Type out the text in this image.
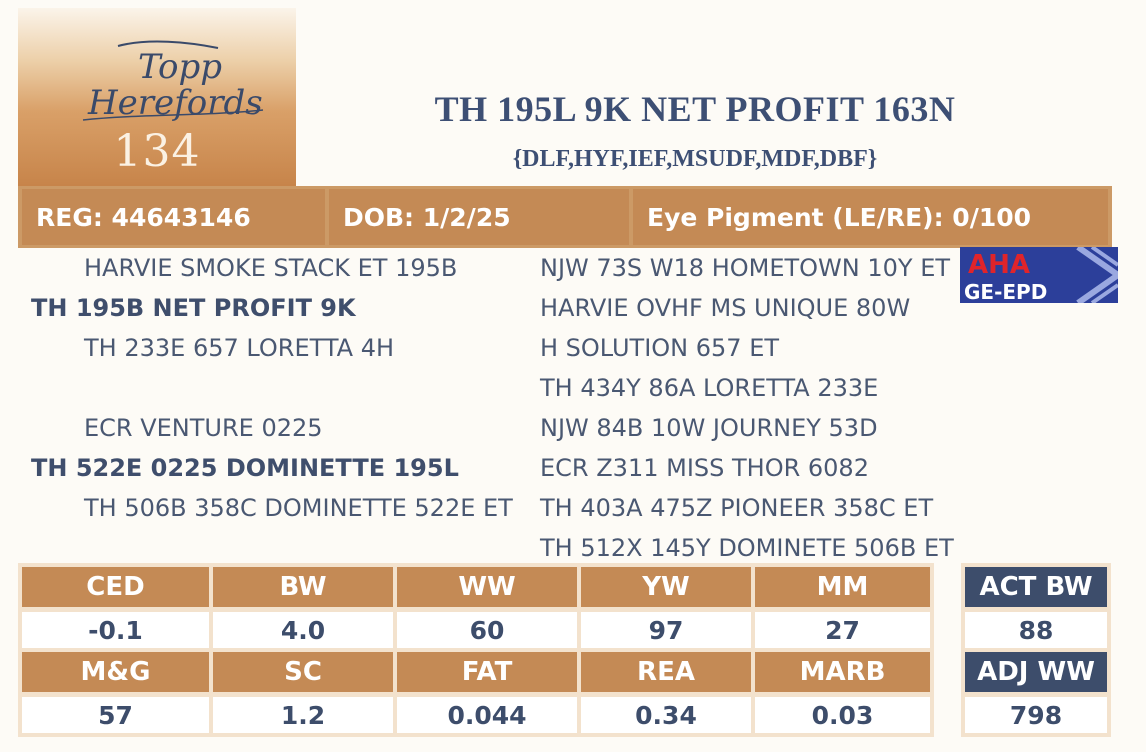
Topp
Herefords
134
TH 195L 9K NET PROFIT 163N
{DLF,HYF,IEF,MSUDF,MDF,DBF}
REG: 44643146	DOB: 1/2/25	Eye Pigment (LE/RE): 0/100
HARVIE SMOKE STACK ET 195B
TH 195B NET PROFIT 9K
TH 233E 657 LORETTA 4H
ECR VENTURE 0225
TH 522E 0225 DOMINETTE 195L
TH 506B 358C DOMINETTE 522E ET
NJW 73S W18 HOMETOWN 10Y ET
HARVIE OVHF MS UNIQUE 80W
H SOLUTION 657 ET
TH 434Y 86A LORETTA 233E
NJW 84B 10W JOURNEY 53D
ECR Z311 MISS THOR 6082
TH 403A 475Z PIONEER 358C ET
TH 512X 145Y DOMINETE 506B ET
AHA
GE-EPD
CED	BW	WW	YW	MM
-0.1	4.0	60	97	27
M&G	SC	FAT	REA	MARB
57	1.2	0.044	0.34	0.03
ACT BW
88
ADJ WW
798
